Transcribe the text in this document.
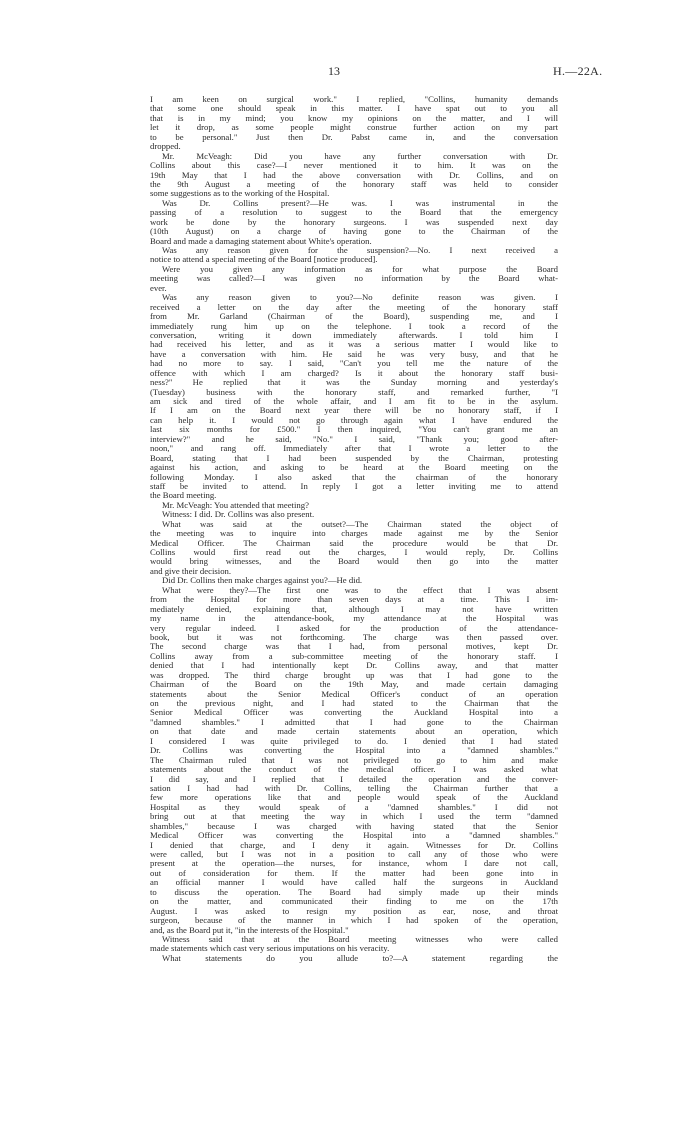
13	H.—22A.
I am keen on surgical work." I replied, "Collins, humanity demands
that some one should speak in this matter. I have spat out to you all
that is in my mind; you know my opinions on the matter, and I will
let it drop, as some people might construe further action on my part
to be personal." Just then Dr. Pabst came in, and the conversation
dropped.
Mr. McVeagh: Did you have any further conversation with Dr.
Collins about this case?—I never mentioned it to him. It was on the
19th May that I had the above conversation with Dr. Collins, and on
the 9th August a meeting of the honorary staff was held to consider
some suggestions as to the working of the Hospital.
Was Dr. Collins present?—He was. I was instrumental in the
passing of a resolution to suggest to the Board that the emergency
work be done by the honorary surgeons. I was suspended next day
(10th August) on a charge of having gone to the Chairman of the
Board and made a damaging statement about White's operation.
Was any reason given for the suspension?—No. I next received a
notice to attend a special meeting of the Board [notice produced].
Were you given any information as for what purpose the Board
meeting was called?—I was given no information by the Board what-
ever.
Was any reason given to you?—No definite reason was given. I
received a letter on the day after the meeting of the honorary staff
from Mr. Garland (Chairman of the Board), suspending me, and I
immediately rung him up on the telephone. I took a record of the
conversation, writing it down immediately afterwards. I told him I
had received his letter, and as it was a serious matter I would like to
have a conversation with him. He said he was very busy, and that he
had no more to say. I said, "Can't you tell me the nature of the
offence with which I am charged? Is it about the honorary staff busi-
ness?" He replied that it was the Sunday morning and yesterday's
(Tuesday) business with the honorary staff, and remarked further, "I
am sick and tired of the whole affair, and I am fit to be in the asylum.
If I am on the Board next year there will be no honorary staff, if I
can help it. I would not go through again what I have endured the
last six months for £500." I then inquired, "You can't grant me an
interview?" and he said, "No." I said, "Thank you; good after-
noon," and rang off. Immediately after that I wrote a letter to the
Board, stating that I had been suspended by the Chairman, protesting
against his action, and asking to be heard at the Board meeting on the
following Monday. I also asked that the chairman of the honorary
staff be invited to attend. In reply I got a letter inviting me to attend
the Board meeting.
Mr. McVeagh: You attended that meeting?
Witness: I did. Dr. Collins was also present.
What was said at the outset?—The Chairman stated the object of
the meeting was to inquire into charges made against me by the Senior
Medical Officer. The Chairman said the procedure would be that Dr.
Collins would first read out the charges, I would reply, Dr. Collins
would bring witnesses, and the Board would then go into the matter
and give their decision.
Did Dr. Collins then make charges against you?—He did.
What were they?—The first one was to the effect that I was absent
from the Hospital for more than seven days at a time. This I im-
mediately denied, explaining that, although I may not have written
my name in the attendance-book, my attendance at the Hospital was
very regular indeed. I asked for the production of the attendance-
book, but it was not forthcoming. The charge was then passed over.
The second charge was that I had, from personal motives, kept Dr.
Collins away from a sub-committee meeting of the honorary staff. I
denied that I had intentionally kept Dr. Collins away, and that matter
was dropped. The third charge brought up was that I had gone to the
Chairman of the Board on the 19th May, and made certain damaging
statements about the Senior Medical Officer's conduct of an operation
on the previous night, and I had stated to the Chairman that the
Senior Medical Officer was converting the Auckland Hospital into a
"damned shambles." I admitted that I had gone to the Chairman
on that date and made certain statements about an operation, which
I considered I was quite privileged to do. I denied that I had stated
Dr. Collins was converting the Hospital into a "damned shambles."
The Chairman ruled that I was not privileged to go to him and make
statements about the conduct of the medical officer. I was asked what
I did say, and I replied that I detailed the operation and the conver-
sation I had had with Dr. Collins, telling the Chairman further that a
few more operations like that and people would speak of the Auckland
Hospital as they would speak of a "damned shambles." I did not
bring out at that meeting the way in which I used the term "damned
shambles," because I was charged with having stated that the Senior
Medical Officer was converting the Hospital into a "damned shambles."
I denied that charge, and I deny it again. Witnesses for Dr. Collins
were called, but I was not in a position to call any of those who were
present at the operation—the nurses, for instance, whom I dare not call,
out of consideration for them. If the matter had been gone into in
an official manner I would have called half the surgeons in Auckland
to discuss the operation. The Board had simply made up their minds
on the matter, and communicated their finding to me on the 17th
August. I was asked to resign my position as ear, nose, and throat
surgeon, because of the manner in which I had spoken of the operation,
and, as the Board put it, "in the interests of the Hospital."
Witness said that at the Board meeting witnesses who were called
made statements which cast very serious imputations on his veracity.
What statements do you allude to?—A statement regarding the
